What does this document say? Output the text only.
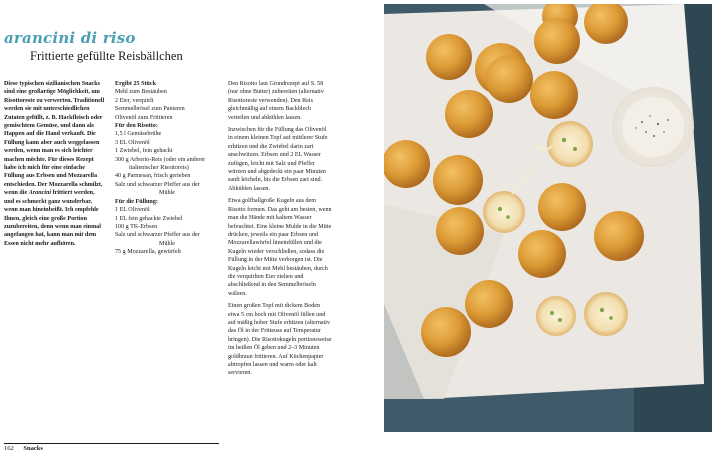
arancini di riso
Frittierte gefüllte Reisbällchen

Diese typischen sizilianischen Snacks sind eine großartige Möglichkeit, um Risottoreste zu verwerten. Traditionell werden sie mit unterschiedlichen Zutaten gefüllt, z. B. Hackfleisch oder gemischtem Gemüse, und dann als Happen auf die Hand verkauft. Die Füllung kann aber auch weggelassen werden, wenn man es sich leichter machen möchte. Für dieses Rezept habe ich mich für eine einfache Füllung aus Erbsen und Mozzarella entschieden. Der Mozzarella schmilzt, wenn die Arancini frittiert werden, und es schmeckt ganz wunderbar, wenn man hineinbeißt. Ich empfehle Ihnen, gleich eine große Portion zuzubereiten, denn wenn man einmal angefangen hat, kann man mit dem Essen nicht mehr aufhören.

Ergibt 25 Stück
Mehl zum Bestäuben
2 Eier, verquirlt
Semmelbrösel zum Panieren
Olivenöl zum Frittieren
Für den Risotto:
1,5 l Gemüsebrühe
3 EL Olivenöl
1 Zwiebel, fein gehackt
300 g Arborio-Reis (oder ein anderer
italienischer Risottoreis)
40 g Parmesan, frisch gerieben
Salz und schwarzer Pfeffer aus der
Mühle
Für die Füllung:
1 EL Olivenöl
1 EL fein gehackte Zwiebel
100 g TK-Erbsen
Salz und schwarzer Pfeffer aus der
Mühle
75 g Mozzarella, gewürfelt

Den Risotto laut Grundrezept auf S. 58 (nur ohne Butter) zubereiten (alternativ Risottoreste verwenden). Den Reis gleichmäßig auf einem Backblech verteilen und abkühlen lassen.

Inzwischen für die Füllung das Olivenöl in einem kleinen Topf auf mittlerer Stufe erhitzen und die Zwiebel darin zart anschwitzen. Erbsen und 2 EL Wasser zufügen, leicht mit Salz und Pfeffer würzen und abgedeckt ein paar Minuten sanft köcheln, bis die Erbsen zart sind. Abkühlen lassen.

Etwa golfballgroße Kugeln aus dem Risotto formen. Das geht am besten, wenn man die Hände mit kaltem Wasser befeuchtet. Eine kleine Mulde in die Mitte drücken, jeweils ein paar Erbsen und Mozzarellawürfel hineinfüllen und die Kugeln wieder verschließen, sodass die Füllung in der Mitte verborgen ist. Die Kugeln leicht mit Mehl bestäuben, durch die verquirlten Eier ziehen und abschließend in den Semmelbröseln wälzen.

Einen großen Topf mit dickem Boden etwa 5 cm hoch mit Olivenöl füllen und auf mäßig hoher Stufe erhitzen (alternativ das Öl in der Fritteuse auf Temperatur bringen). Die Risottokugeln portionsweise im heißen Öl geben und 2–3 Minuten goldbraun frittieren. Auf Küchenpapier abtropfen lassen und warm oder kalt servieren.

162 Snacks
